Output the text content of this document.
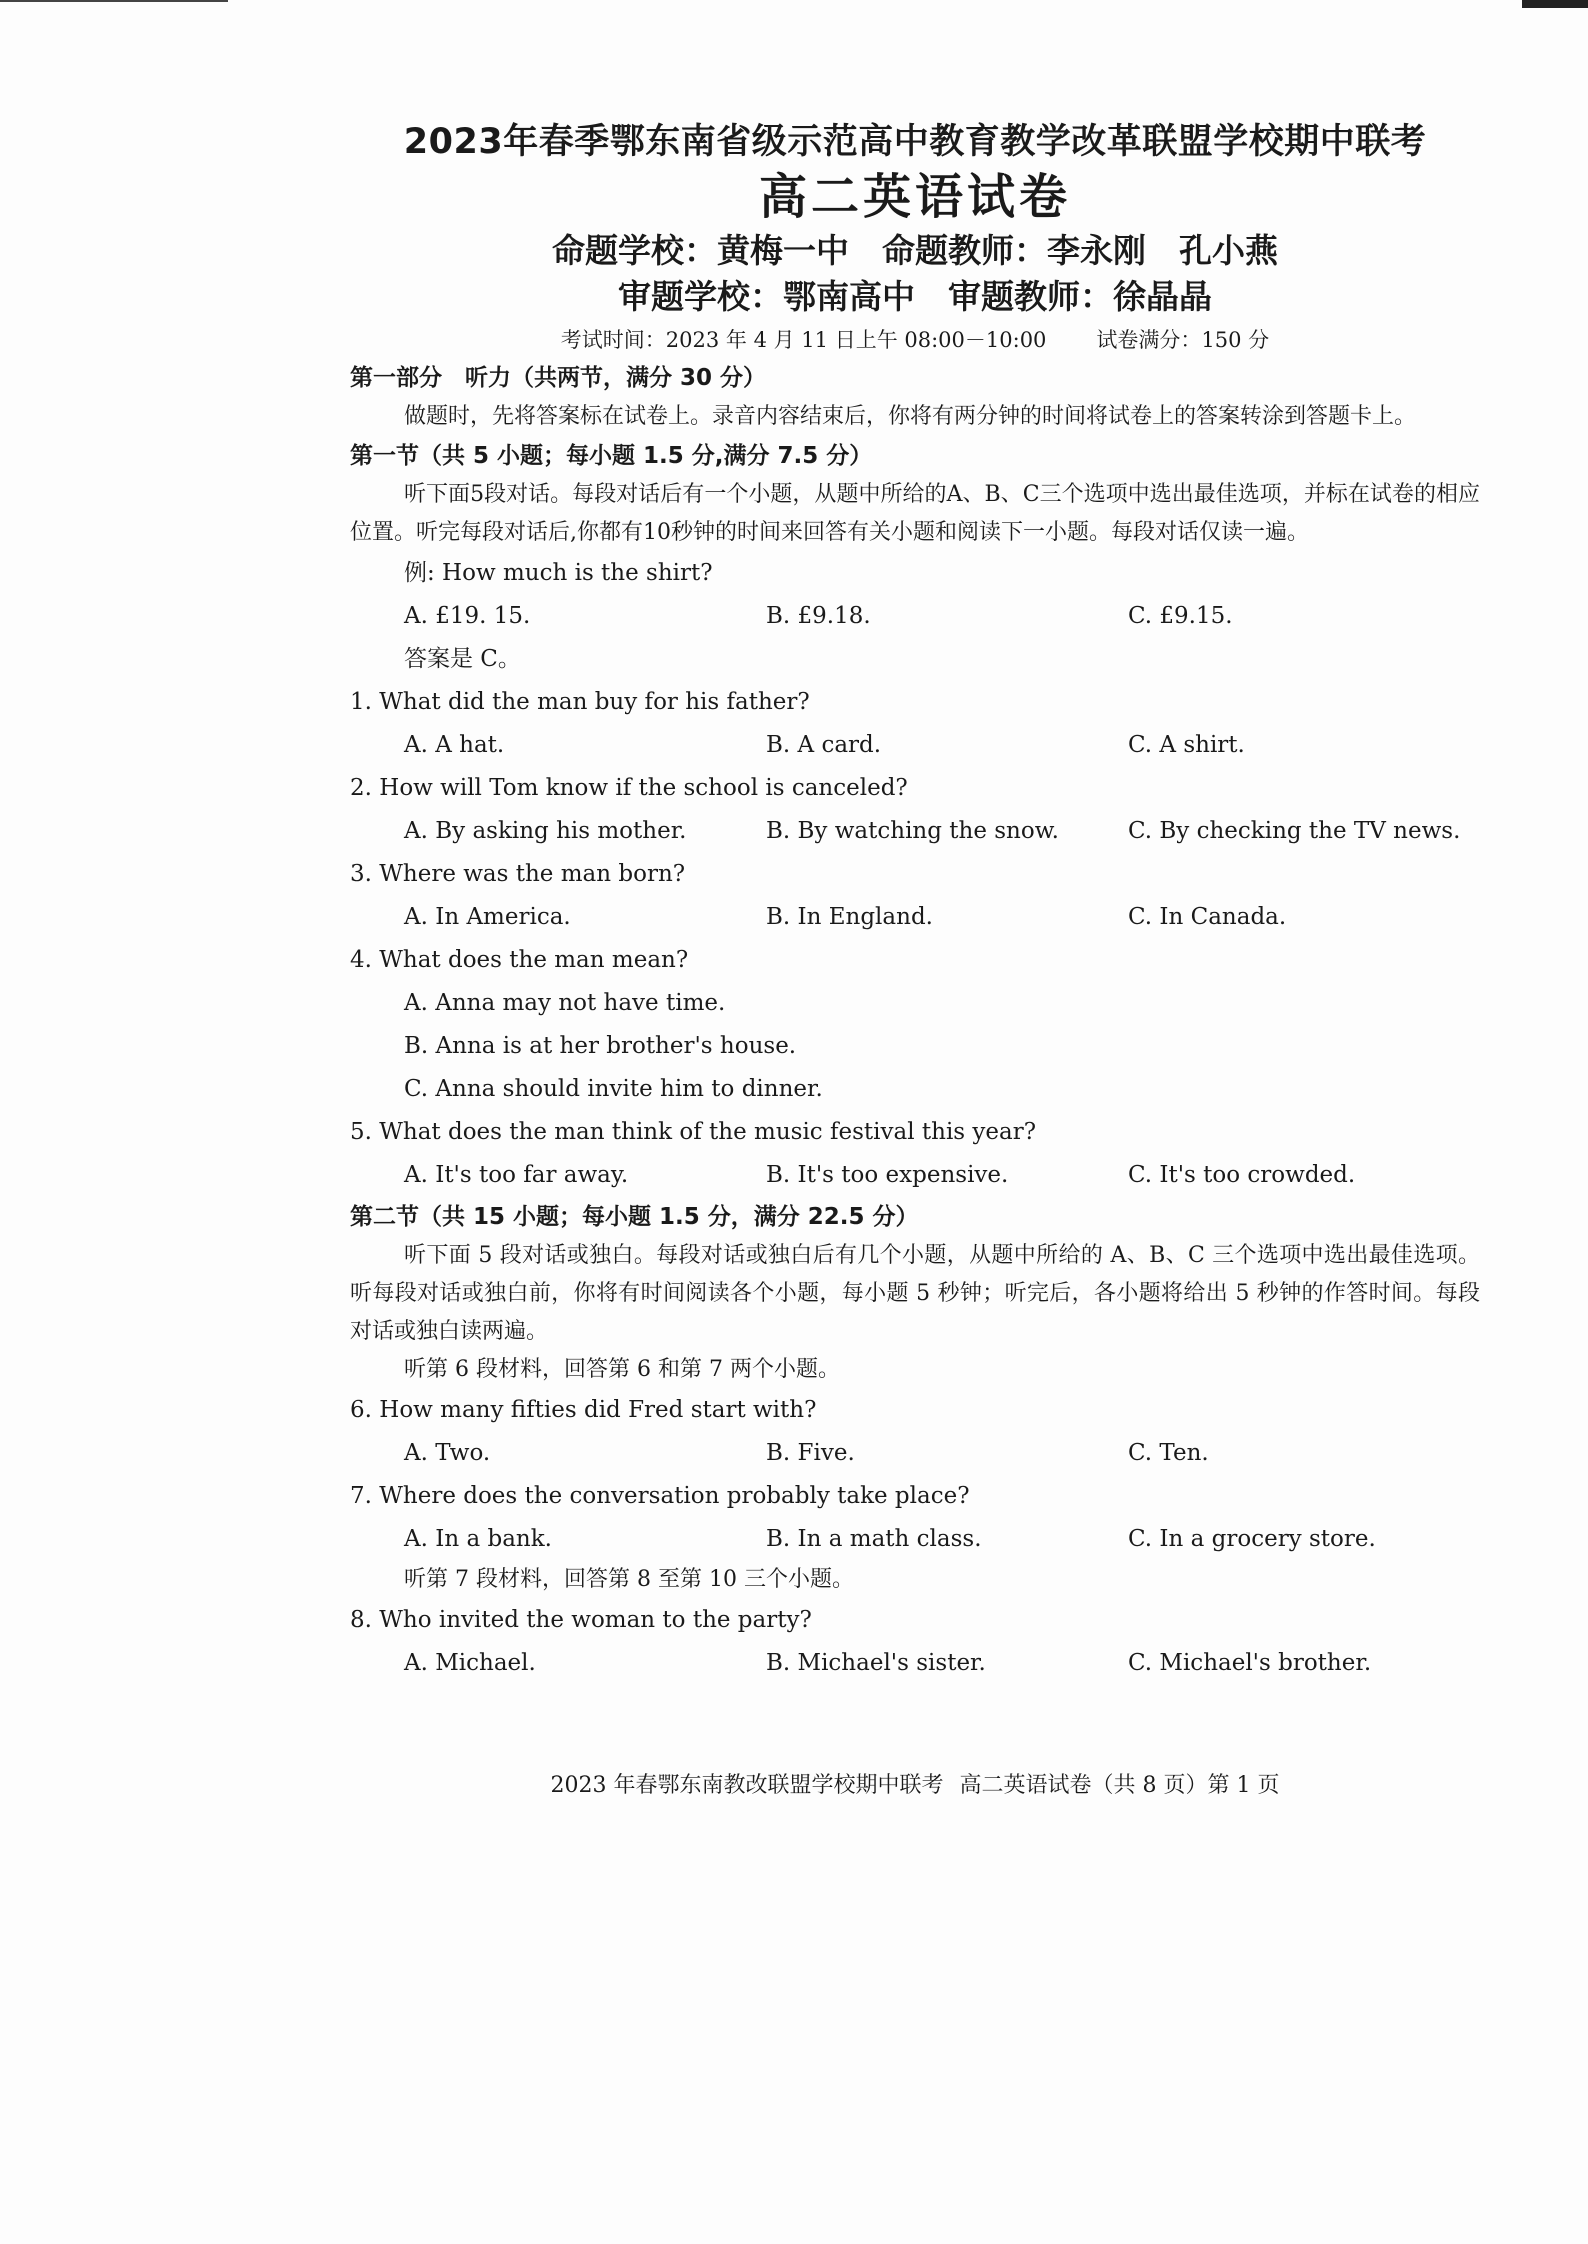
2023年春季鄂东南省级示范高中教育教学改革联盟学校期中联考
高二英语试卷

命题学校：黄梅一中　命题教师：李永刚　孔小燕

审题学校：鄂南高中　审题教师：徐晶晶

考试时间：2023 年 4 月 11 日上午 08:00－10:00 试卷满分：150 分

第一部分　听力（共两节，满分 30 分）

做题时，先将答案标在试卷上。录音内容结束后，你将有两分钟的时间将试卷上的答案转涂到答题卡上。

第一节（共 5 小题；每小题 1.5 分,满分 7.5 分）

听下面5段对话。每段对话后有一个小题，从题中所给的A、B、C三个选项中选出最佳选项，并标在试卷的相应位置。听完每段对话后,你都有10秒钟的时间来回答有关小题和阅读下一小题。每段对话仅读一遍。

例: How much is the shirt?

A. £19. 15.	B. £9.18.	C. £9.15.

答案是 C。

1. What did the man buy for his father?

A. A hat.	B. A card.	C. A shirt.

2. How will Tom know if the school is canceled?

A. By asking his mother.	B. By watching the snow.	C. By checking the TV news.

3. Where was the man born?

A. In America.	B. In England.	C. In Canada.

4. What does the man mean?

A. Anna may not have time.

B. Anna is at her brother's house.

C. Anna should invite him to dinner.

5. What does the man think of the music festival this year?

A. It's too far away.	B. It's too expensive.	C. It's too crowded.

第二节（共 15 小题；每小题 1.5 分，满分 22.5 分）

听下面 5 段对话或独白。每段对话或独白后有几个小题，从题中所给的 A、B、C 三个选项中选出最佳选项。听每段对话或独白前，你将有时间阅读各个小题，每小题 5 秒钟；听完后，各小题将给出 5 秒钟的作答时间。每段对话或独白读两遍。

听第 6 段材料，回答第 6 和第 7 两个小题。

6. How many fifties did Fred start with?

A. Two.	B. Five.	C. Ten.

7. Where does the conversation probably take place?

A. In a bank.	B. In a math class.	C. In a grocery store.

听第 7 段材料，回答第 8 至第 10 三个小题。

8. Who invited the woman to the party?

A. Michael.	B. Michael's sister.	C. Michael's brother.
2023 年春鄂东南教改联盟学校期中联考 高二英语试卷（共 8 页）第 1 页
